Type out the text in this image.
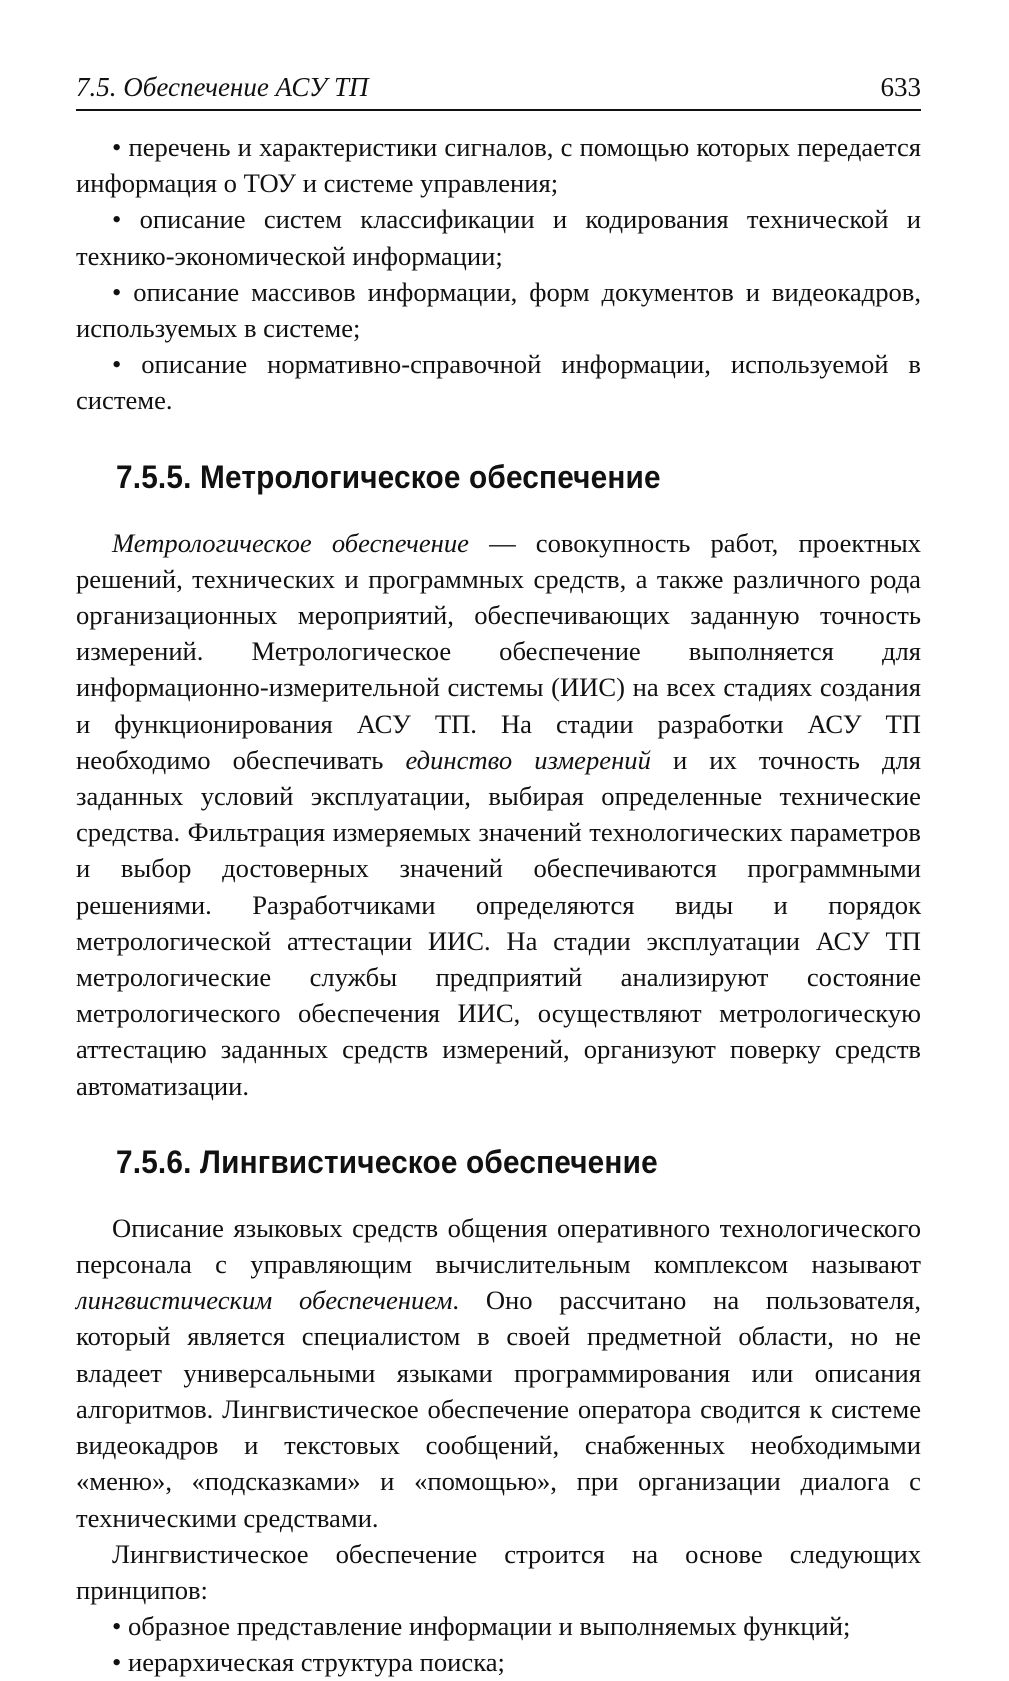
7.5. Обеспечение АСУ ТП	633

• перечень и характеристики сигналов, с помощью которых передается информация о ТОУ и системе управления;

• описание систем классификации и кодирования технической и технико-экономической информации;

• описание массивов информации, форм документов и видеокадров, используемых в системе;

• описание нормативно-справочной информации, используемой в системе.

7.5.5. Метрологическое обеспечение

Метрологическое обеспечение — совокупность работ, проектных решений, технических и программных средств, а также различного рода организационных мероприятий, обеспечивающих заданную точность измерений. Метрологическое обеспечение выполняется для информационно-измерительной системы (ИИС) на всех стадиях создания и функционирования АСУ ТП. На стадии разработки АСУ ТП необходимо обеспечивать единство измерений и их точность для заданных условий эксплуатации, выбирая определенные технические средства. Фильтрация измеряемых значений технологических параметров и выбор достоверных значений обеспечиваются программными решениями. Разработчиками определяются виды и порядок метрологической аттестации ИИС. На стадии эксплуатации АСУ ТП метрологические службы предприятий анализируют состояние метрологического обеспечения ИИС, осуществляют метрологическую аттестацию заданных средств измерений, организуют поверку средств автоматизации.

7.5.6. Лингвистическое обеспечение

Описание языковых средств общения оперативного технологического персонала с управляющим вычислительным комплексом называют лингвистическим обеспечением. Оно рассчитано на пользователя, который является специалистом в своей предметной области, но не владеет универсальными языками программирования или описания алгоритмов. Лингвистическое обеспечение оператора сводится к системе видеокадров и текстовых сообщений, снабженных необходимыми «меню», «подсказками» и «помощью», при организации диалога с техническими средствами.

Лингвистическое обеспечение строится на основе следующих принципов:

• образное представление информации и выполняемых функций;

• иерархическая структура поиска;
